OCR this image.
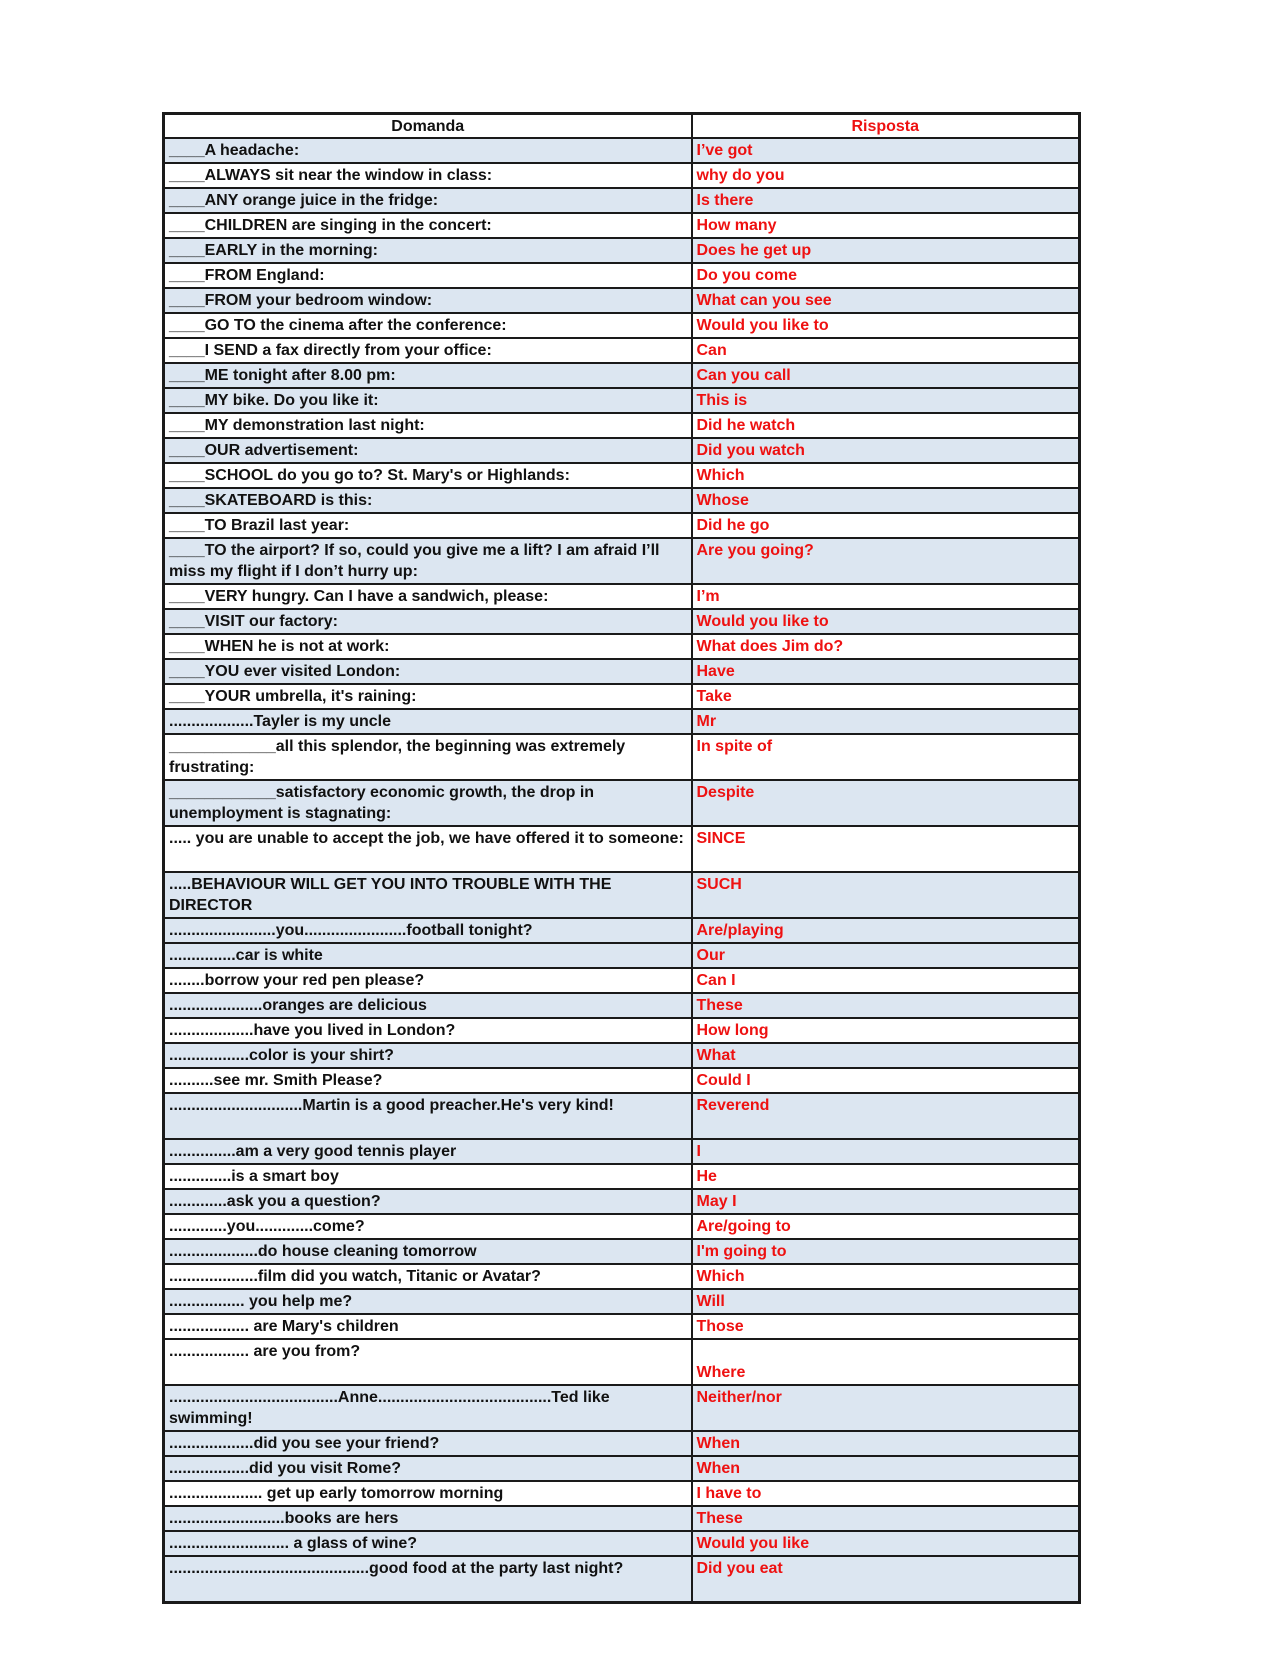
Domanda	Risposta
____A headache:	I’ve got
____ALWAYS sit near the window in class:	why do you
____ANY orange juice in the fridge:	Is there
____CHILDREN are singing in the concert:	How many
____EARLY in the morning:	Does he get up
____FROM England:	Do you come
____FROM your bedroom window:	What can you see
____GO TO the cinema after the conference:	Would you like to
____I SEND a fax directly from your office:	Can
____ME tonight after 8.00 pm:	Can you call
____MY bike. Do you like it:	This is
____MY demonstration last night:	Did he watch
____OUR advertisement:	Did you watch
____SCHOOL do you go to? St. Mary's or Highlands:	Which
____SKATEBOARD is this:	Whose
____TO Brazil last year:	Did he go
____TO the airport? If so, could you give me a lift? I am afraid I’ll miss my flight if I don’t hurry up:	Are you going?
____VERY hungry. Can I have a sandwich, please:	I’m
____VISIT our factory:	Would you like to
____WHEN he is not at work:	What does Jim do?
____YOU ever visited London:	Have
____YOUR umbrella, it's raining:	Take
...................Tayler is my uncle	Mr
____________all this splendor, the beginning was extremely frustrating:	In spite of
____________satisfactory economic growth, the drop in unemployment is stagnating:	Despite
..... you are unable to accept the job, we have offered it to someone:	SINCE
.....BEHAVIOUR WILL GET YOU INTO TROUBLE WITH THE DIRECTOR	SUCH
........................you.......................football tonight?	Are/playing
...............car is white	Our
........borrow your red pen please?	Can I
.....................oranges are delicious	These
...................have you lived in London?	How long
..................color is your shirt?	What
..........see mr. Smith Please?	Could I
..............................Martin is a good preacher.He's very kind!	Reverend
...............am a very good tennis player	I
..............is a smart boy	He
.............ask you a question?	May I
.............you.............come?	Are/going to
....................do house cleaning tomorrow	I'm going to
....................film did you watch, Titanic or Avatar?	Which
................. you help me?	Will
.................. are Mary's children	Those
.................. are you from?	Where
......................................Anne.......................................Ted like swimming!	Neither/nor
...................did you see your friend?	When
..................did you visit Rome?	When
..................... get up early tomorrow morning	I have to
..........................books are hers	These
........................... a glass of wine?	Would you like
.............................................good food at the party last night?	Did you eat
